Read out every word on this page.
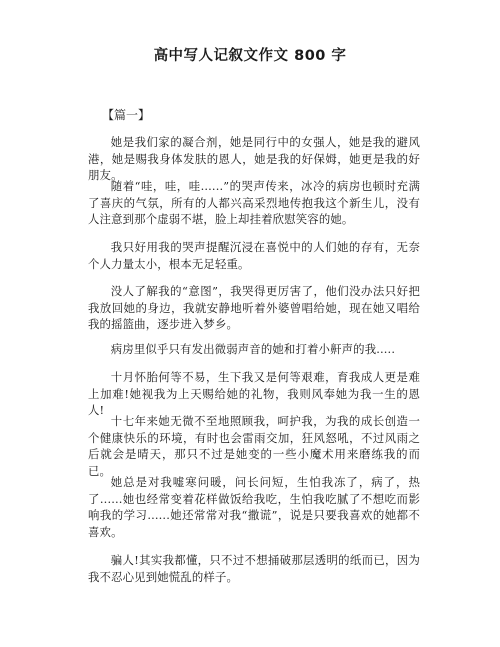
高中写人记叙文作文 800 字
【篇一】

她是我们家的凝合剂，她是同行中的女强人，她是我的避风港，她是赐我身体发肤的恩人，她是我的好保姆，她更是我的好朋友。

随着“哇，哇，哇......”的哭声传来，冰冷的病房也顿时充满了喜庆的气氛，所有的人都兴高采烈地传抱我这个新生儿，没有人注意到那个虚弱不堪，脸上却挂着欣慰笑容的她。

我只好用我的哭声提醒沉浸在喜悦中的人们她的存有，无奈个人力量太小，根本无足轻重。

没人了解我的“意图”，我哭得更厉害了，他们没办法只好把我放回她的身边，我就安静地听着外婆曾唱给她，现在她又唱给我的摇篮曲，逐步进入梦乡。

病房里似乎只有发出微弱声音的她和打着小鼾声的我.....

十月怀胎何等不易，生下我又是何等艰难，育我成人更是难上加难!她视我为上天赐给她的礼物，我则风奉她为我一生的恩人!

十七年来她无微不至地照顾我，呵护我，为我的成长创造一个健康快乐的环境，有时也会雷雨交加，狂风怒吼，不过风雨之后就会是晴天，那只不过是她变的一些小魔术用来磨练我的而已。

她总是对我嘘寒问暖，问长问短，生怕我冻了，病了，热了......她也经常变着花样做饭给我吃，生怕我吃腻了不想吃而影响我的学习......她还常常对我“撒谎”，说是只要我喜欢的她都不喜欢。

骗人!其实我都懂，只不过不想捅破那层透明的纸而已，因为我不忍心见到她慌乱的样子。
